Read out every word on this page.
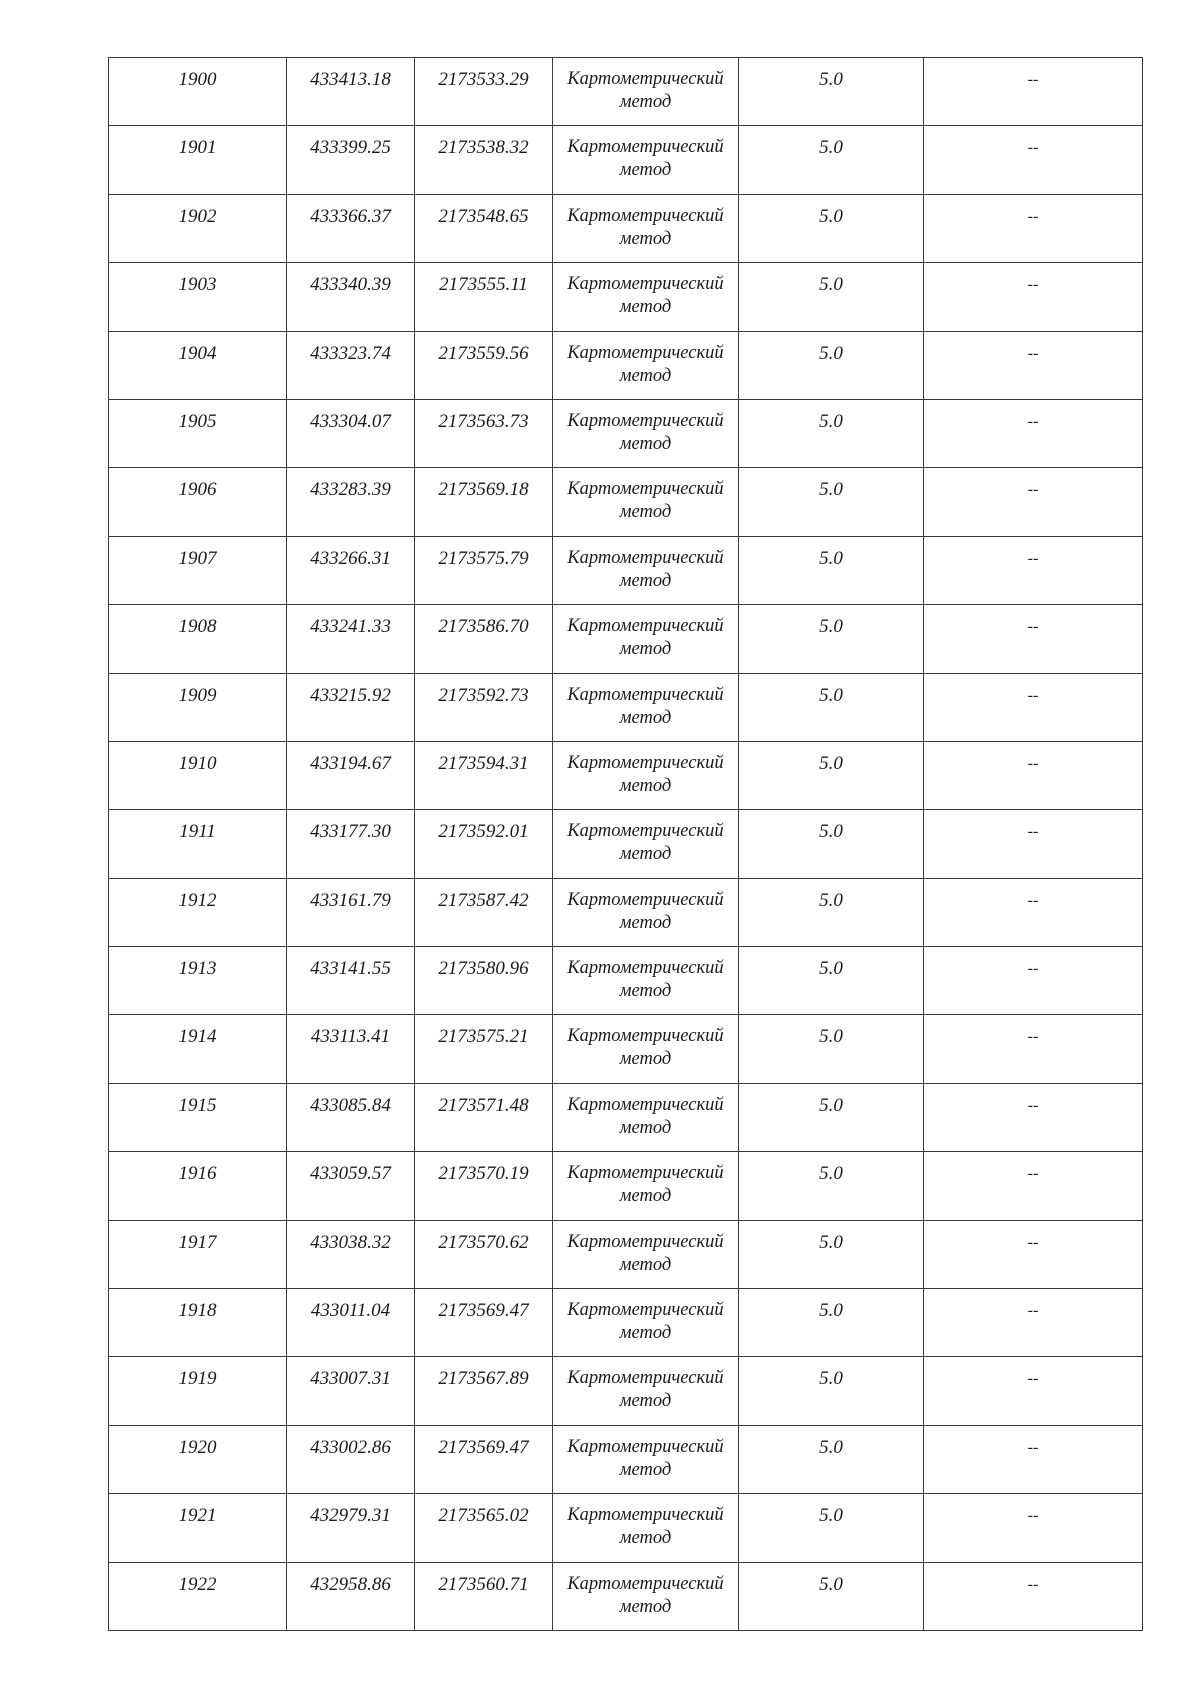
1900	433413.18	2173533.29	Картометрический метод	5.0	--

1901	433399.25	2173538.32	Картометрический метод	5.0	--

1902	433366.37	2173548.65	Картометрический метод	5.0	--

1903	433340.39	2173555.11	Картометрический метод	5.0	--

1904	433323.74	2173559.56	Картометрический метод	5.0	--

1905	433304.07	2173563.73	Картометрический метод	5.0	--

1906	433283.39	2173569.18	Картометрический метод	5.0	--

1907	433266.31	2173575.79	Картометрический метод	5.0	--

1908	433241.33	2173586.70	Картометрический метод	5.0	--

1909	433215.92	2173592.73	Картометрический метод	5.0	--

1910	433194.67	2173594.31	Картометрический метод	5.0	--

1911	433177.30	2173592.01	Картометрический метод	5.0	--

1912	433161.79	2173587.42	Картометрический метод	5.0	--

1913	433141.55	2173580.96	Картометрический метод	5.0	--

1914	433113.41	2173575.21	Картометрический метод	5.0	--

1915	433085.84	2173571.48	Картометрический метод	5.0	--

1916	433059.57	2173570.19	Картометрический метод	5.0	--

1917	433038.32	2173570.62	Картометрический метод	5.0	--

1918	433011.04	2173569.47	Картометрический метод	5.0	--

1919	433007.31	2173567.89	Картометрический метод	5.0	--

1920	433002.86	2173569.47	Картометрический метод	5.0	--

1921	432979.31	2173565.02	Картометрический метод	5.0	--

1922	432958.86	2173560.71	Картометрический метод	5.0	--
